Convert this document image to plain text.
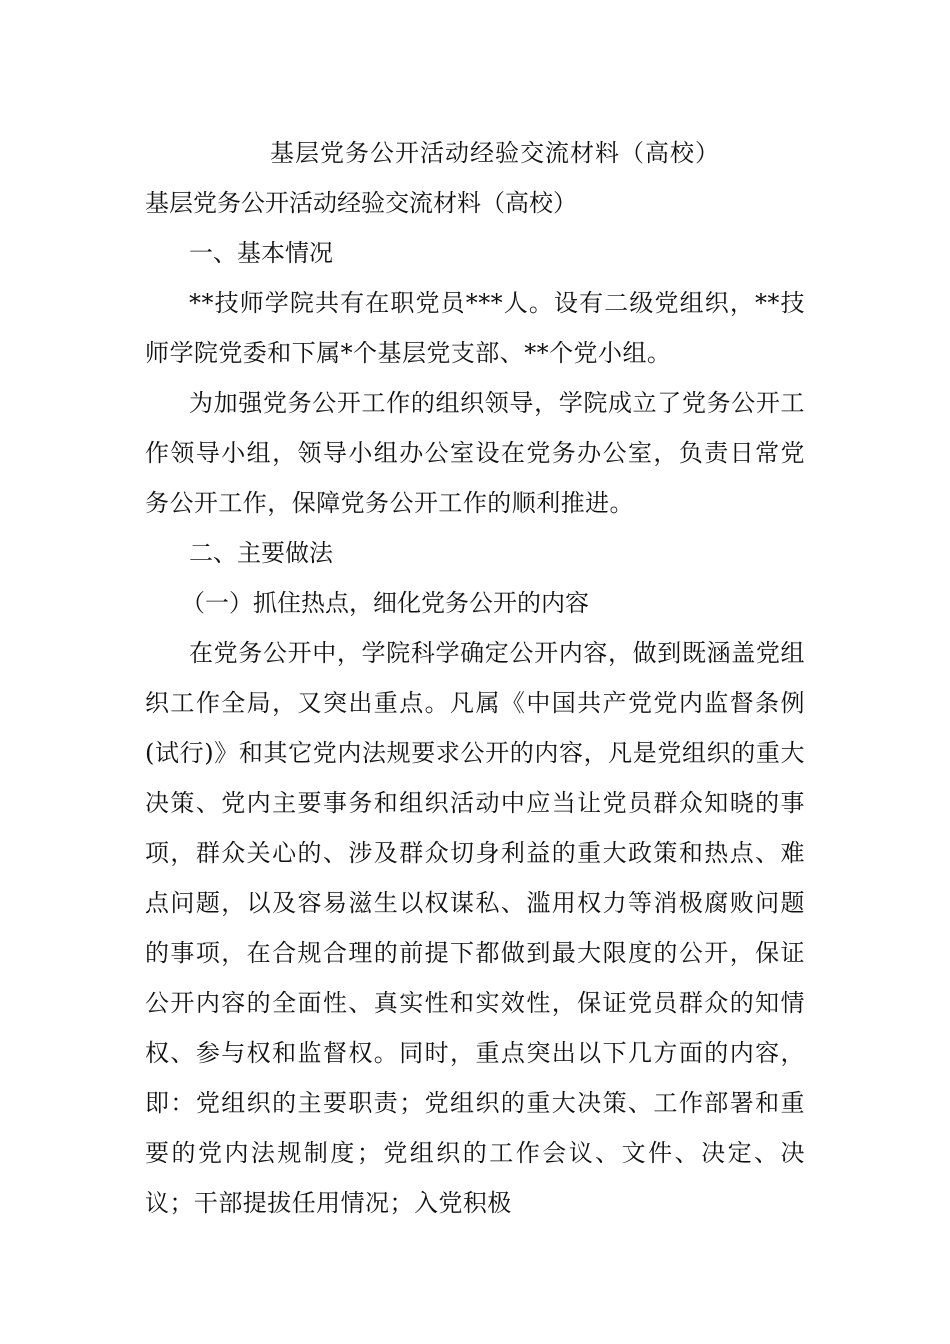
基层党务公开活动经验交流材料（高校）

基层党务公开活动经验交流材料（高校）

一、基本情况

**技师学院共有在职党员***人。设有二级党组织，**技师学院党委和下属*个基层党支部、**个党小组。

为加强党务公开工作的组织领导，学院成立了党务公开工作领导小组，领导小组办公室设在党务办公室，负责日常党务公开工作，保障党务公开工作的顺利推进。

二、主要做法

（一）抓住热点，细化党务公开的内容

在党务公开中，学院科学确定公开内容，做到既涵盖党组织工作全局，又突出重点。凡属《中国共产党党内监督条例(试行)》和其它党内法规要求公开的内容，凡是党组织的重大决策、党内主要事务和组织活动中应当让党员群众知晓的事项，群众关心的、涉及群众切身利益的重大政策和热点、难点问题，以及容易滋生以权谋私、滥用权力等消极腐败问题的事项，在合规合理的前提下都做到最大限度的公开，保证公开内容的全面性、真实性和实效性，保证党员群众的知情权、参与权和监督权。同时，重点突出以下几方面的内容，即：党组织的主要职责；党组织的重大决策、工作部署和重要的党内法规制度；党组织的工作会议、文件、决定、决议；干部提拔任用情况；入党积极
